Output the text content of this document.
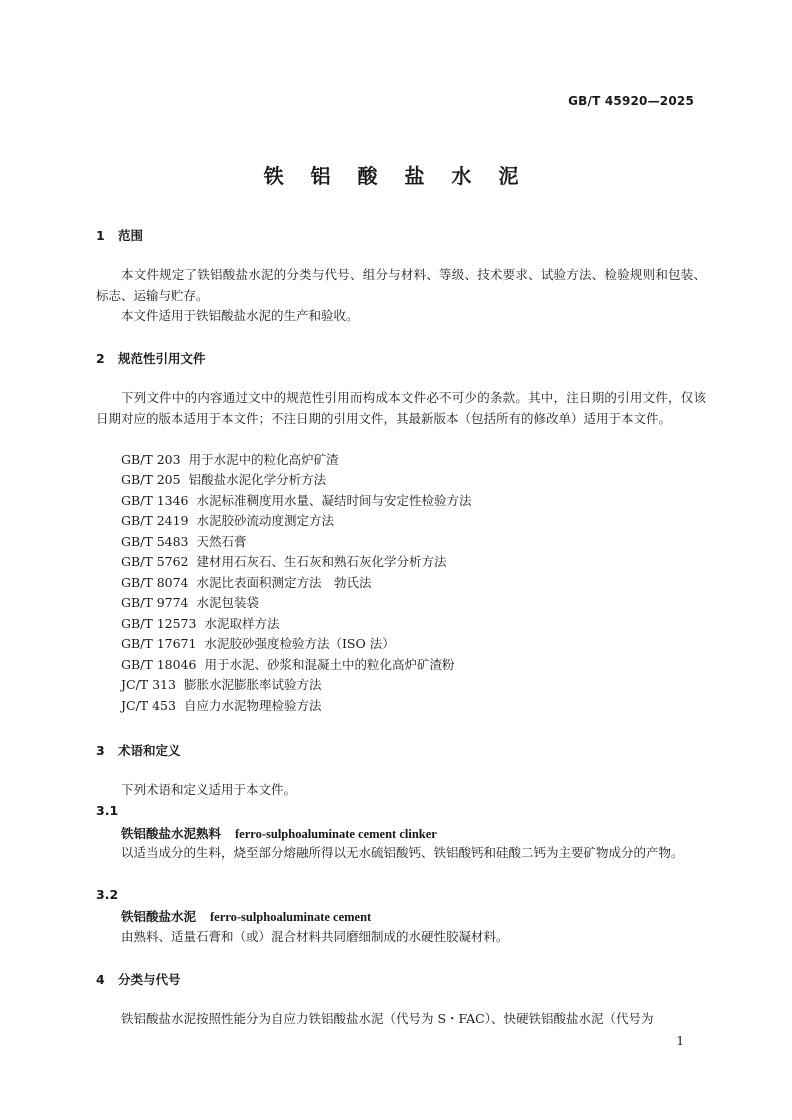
GB/T 45920—2025
铁 铝 酸 盐 水 泥
1 范围
本文件规定了铁铝酸盐水泥的分类与代号、组分与材料、等级、技术要求、试验方法、检验规则和包装、标志、运输与贮存。
本文件适用于铁铝酸盐水泥的生产和验收。
2 规范性引用文件
下列文件中的内容通过文中的规范性引用而构成本文件必不可少的条款。其中，注日期的引用文件，仅该日期对应的版本适用于本文件；不注日期的引用文件，其最新版本（包括所有的修改单）适用于本文件。
GB/T 203 用于水泥中的粒化高炉矿渣
GB/T 205 铝酸盐水泥化学分析方法
GB/T 1346 水泥标准稠度用水量、凝结时间与安定性检验方法
GB/T 2419 水泥胶砂流动度测定方法
GB/T 5483 天然石膏
GB/T 5762 建材用石灰石、生石灰和熟石灰化学分析方法
GB/T 8074 水泥比表面积测定方法　勃氏法
GB/T 9774 水泥包装袋
GB/T 12573 水泥取样方法
GB/T 17671 水泥胶砂强度检验方法（ISO 法）
GB/T 18046 用于水泥、砂浆和混凝土中的粒化高炉矿渣粉
JC/T 313 膨胀水泥膨胀率试验方法
JC/T 453 自应力水泥物理检验方法
3 术语和定义
下列术语和定义适用于本文件。
3.1
铁铝酸盐水泥熟料 ferro-sulphoaluminate cement clinker
以适当成分的生料，烧至部分熔融所得以无水硫铝酸钙、铁铝酸钙和硅酸二钙为主要矿物成分的产物。
3.2
铁铝酸盐水泥 ferro-sulphoaluminate cement
由熟料、适量石膏和（或）混合材料共同磨细制成的水硬性胶凝材料。
4 分类与代号
铁铝酸盐水泥按照性能分为自应力铁铝酸盐水泥（代号为 S・FAC）、快硬铁铝酸盐水泥（代号为
1
